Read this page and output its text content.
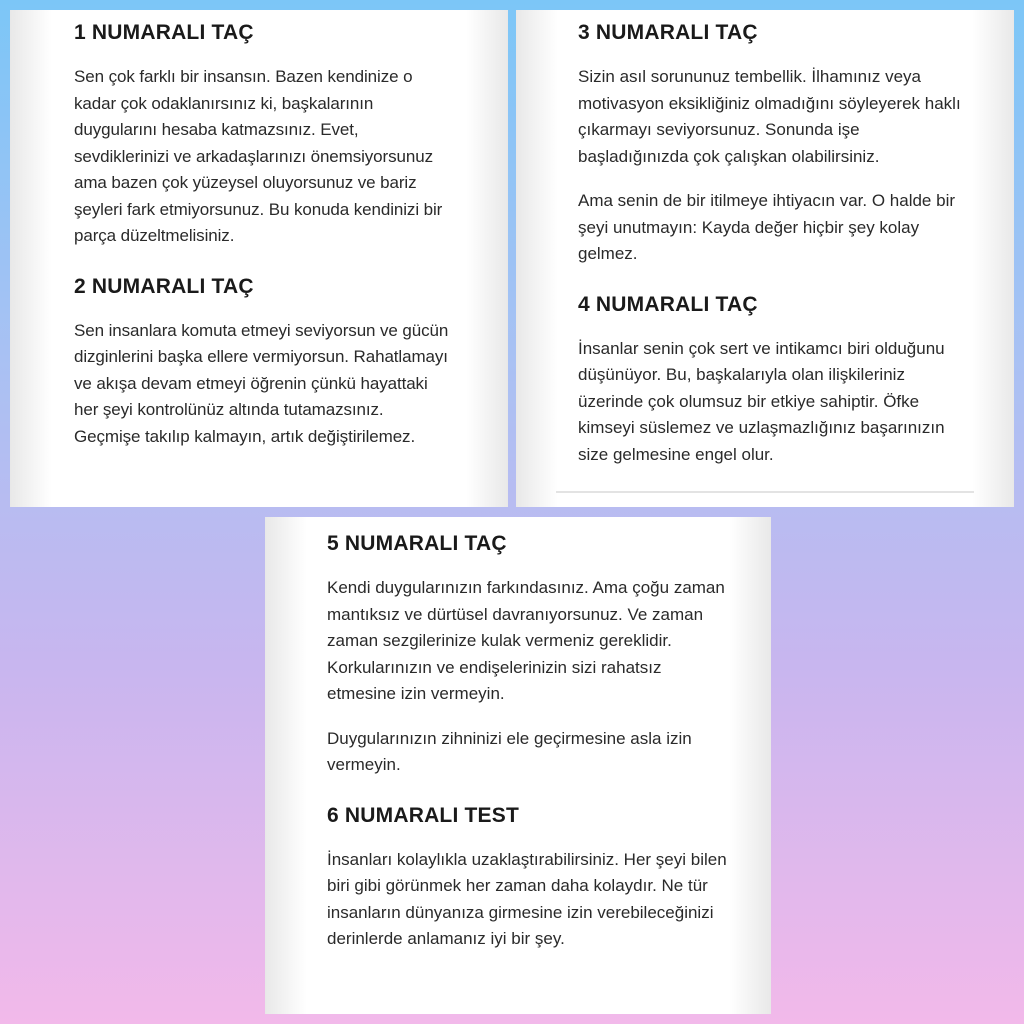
1 NUMARALI TAÇ

Sen çok farklı bir insansın. Bazen kendinize o kadar çok odaklanırsınız ki, başkalarının duygularını hesaba katmazsınız. Evet, sevdiklerinizi ve arkadaşlarınızı önemsiyorsunuz ama bazen çok yüzeysel oluyorsunuz ve bariz şeyleri fark etmiyorsunuz. Bu konuda kendinizi bir parça düzeltmelisiniz.

2 NUMARALI TAÇ

Sen insanlara komuta etmeyi seviyorsun ve gücün dizginlerini başka ellere vermiyorsun. Rahatlamayı ve akışa devam etmeyi öğrenin çünkü hayattaki her şeyi kontrolünüz altında tutamazsınız. Geçmişe takılıp kalmayın, artık değiştirilemez.

3 NUMARALI TAÇ

Sizin asıl sorununuz tembellik. İlhamınız veya motivasyon eksikliğiniz olmadığını söyleyerek haklı çıkarmayı seviyorsunuz. Sonunda işe başladığınızda çok çalışkan olabilirsiniz.

Ama senin de bir itilmeye ihtiyacın var. O halde bir şeyi unutmayın: Kayda değer hiçbir şey kolay gelmez.

4 NUMARALI TAÇ

İnsanlar senin çok sert ve intikamcı biri olduğunu düşünüyor. Bu, başkalarıyla olan ilişkileriniz üzerinde çok olumsuz bir etkiye sahiptir. Öfke kimseyi süslemez ve uzlaşmazlığınız başarınızın size gelmesine engel olur.

5 NUMARALI TAÇ

Kendi duygularınızın farkındasınız. Ama çoğu zaman mantıksız ve dürtüsel davranıyorsunuz. Ve zaman zaman sezgilerinize kulak vermeniz gereklidir. Korkularınızın ve endişelerinizin sizi rahatsız etmesine izin vermeyin.

Duygularınızın zihninizi ele geçirmesine asla izin vermeyin.

6 NUMARALI TEST

İnsanları kolaylıkla uzaklaştırabilirsiniz. Her şeyi bilen biri gibi görünmek her zaman daha kolaydır. Ne tür insanların dünyanıza girmesine izin verebileceğinizi derinlerde anlamanız iyi bir şey.
